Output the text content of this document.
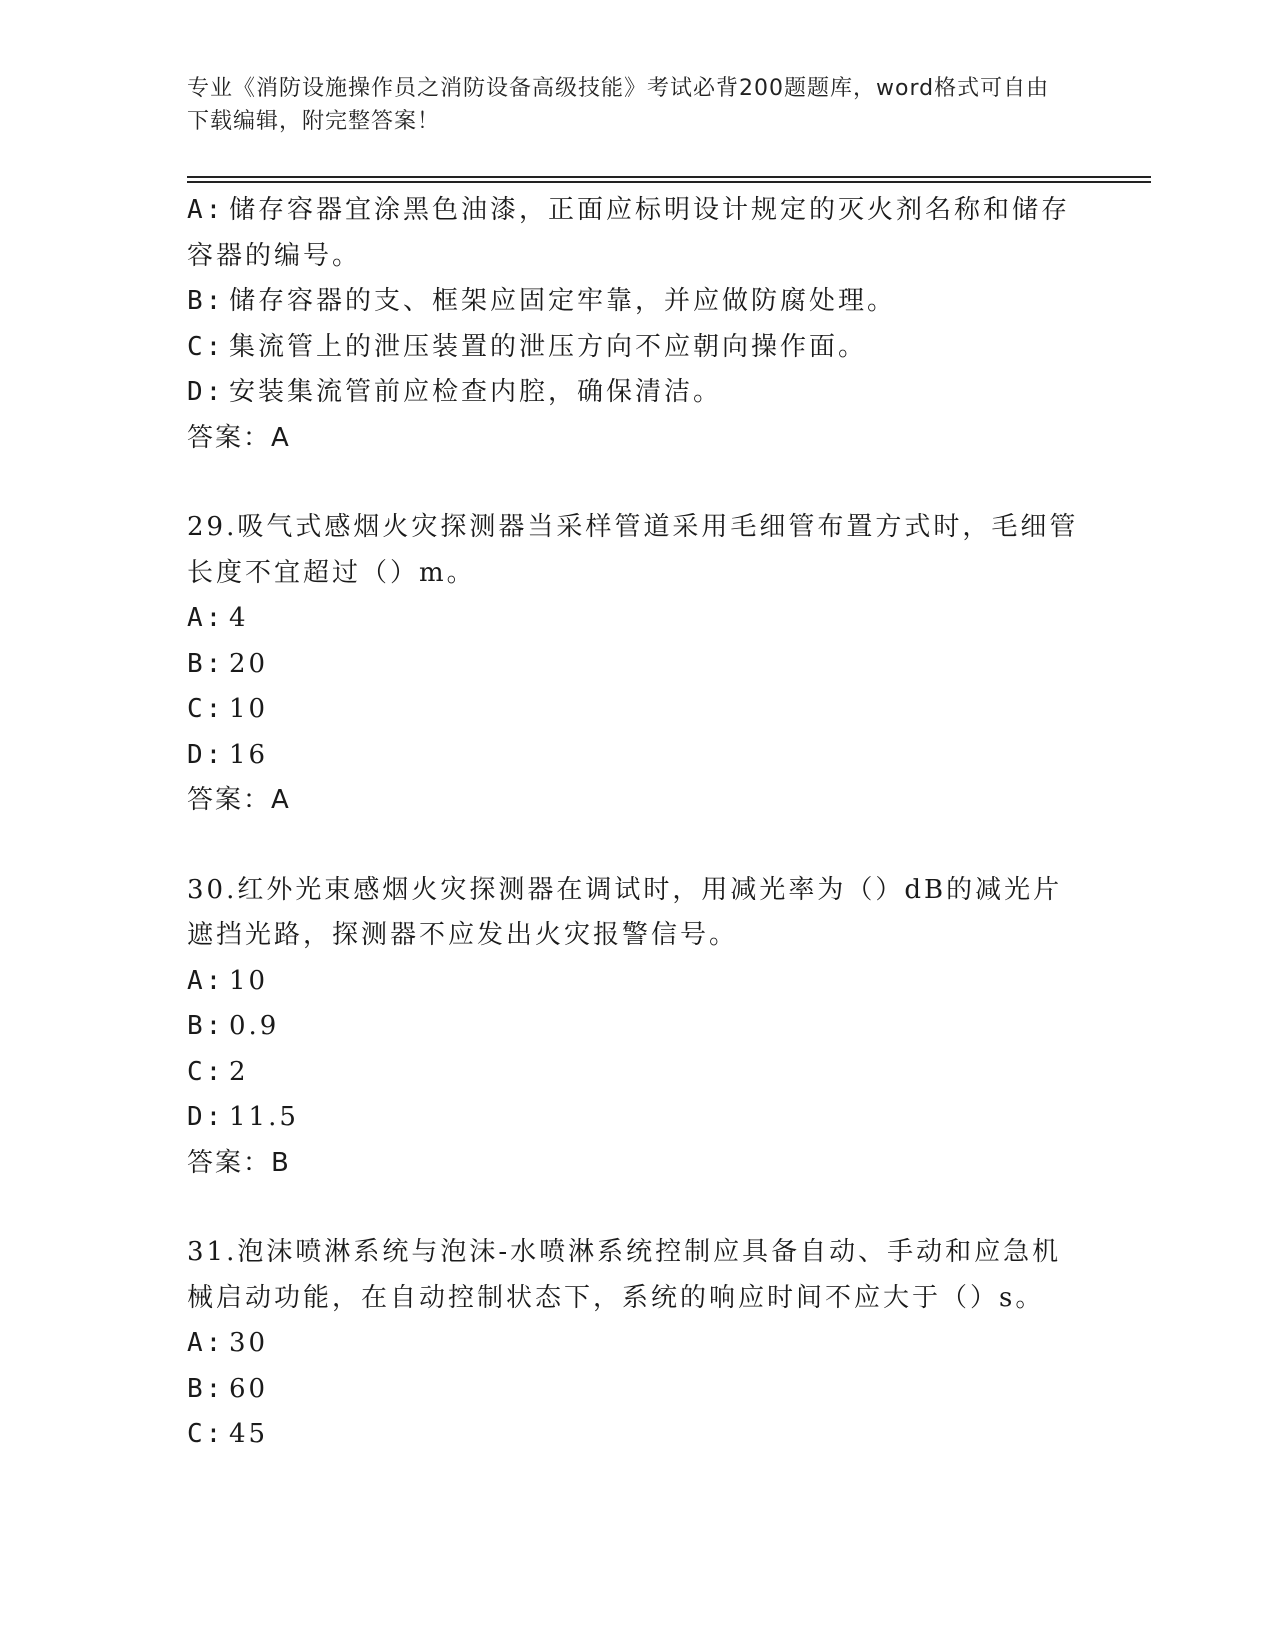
专业《消防设施操作员之消防设备高级技能》考试必背200题题库，word格式可自由下载编辑，附完整答案！
A: 储存容器宜涂黑色油漆，正面应标明设计规定的灭火剂名称和储存容器的编号。
B: 储存容器的支、框架应固定牢靠，并应做防腐处理。
C: 集流管上的泄压装置的泄压方向不应朝向操作面。
D: 安装集流管前应检查内腔，确保清洁。
答案：A
29.吸气式感烟火灾探测器当采样管道采用毛细管布置方式时，毛细管长度不宜超过（）m。
A: 4
B: 20
C: 10
D: 16
答案：A
30.红外光束感烟火灾探测器在调试时，用减光率为（）dB的减光片遮挡光路，探测器不应发出火灾报警信号。
A: 10
B: 0.9
C: 2
D: 11.5
答案：B
31.泡沫喷淋系统与泡沫-水喷淋系统控制应具备自动、手动和应急机械启动功能，在自动控制状态下，系统的响应时间不应大于（）s。
A: 30
B: 60
C: 45
